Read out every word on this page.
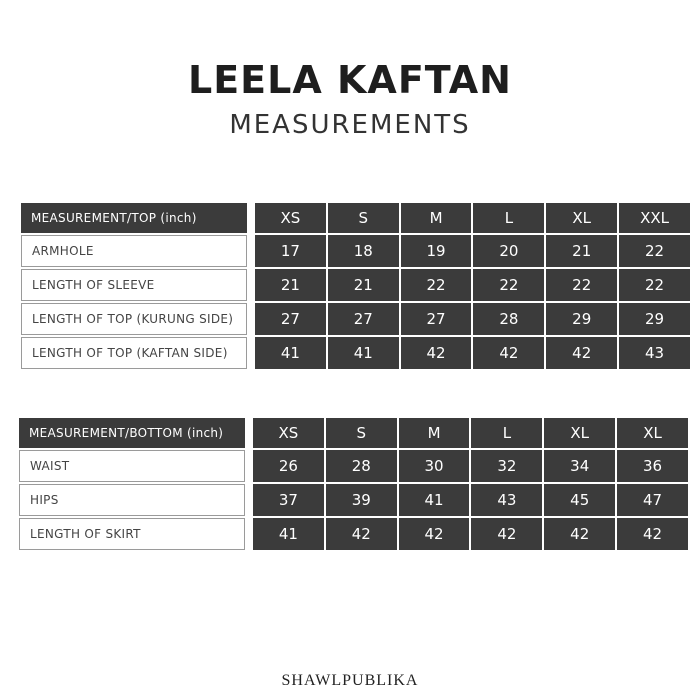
LEELA KAFTAN
MEASUREMENTS
MEASUREMENT/TOP (inch)		XS	S	M	L	XL	XXL
ARMHOLE		17	18	19	20	21	22
LENGTH OF SLEEVE		21	21	22	22	22	22
LENGTH OF TOP (KURUNG SIDE)		27	27	27	28	29	29
LENGTH OF TOP (KAFTAN SIDE)		41	41	42	42	42	43
MEASUREMENT/BOTTOM (inch)		XS	S	M	L	XL	XL
WAIST		26	28	30	32	34	36
HIPS		37	39	41	43	45	47
LENGTH OF SKIRT		41	42	42	42	42	42
SHAWLPUBLIKA
